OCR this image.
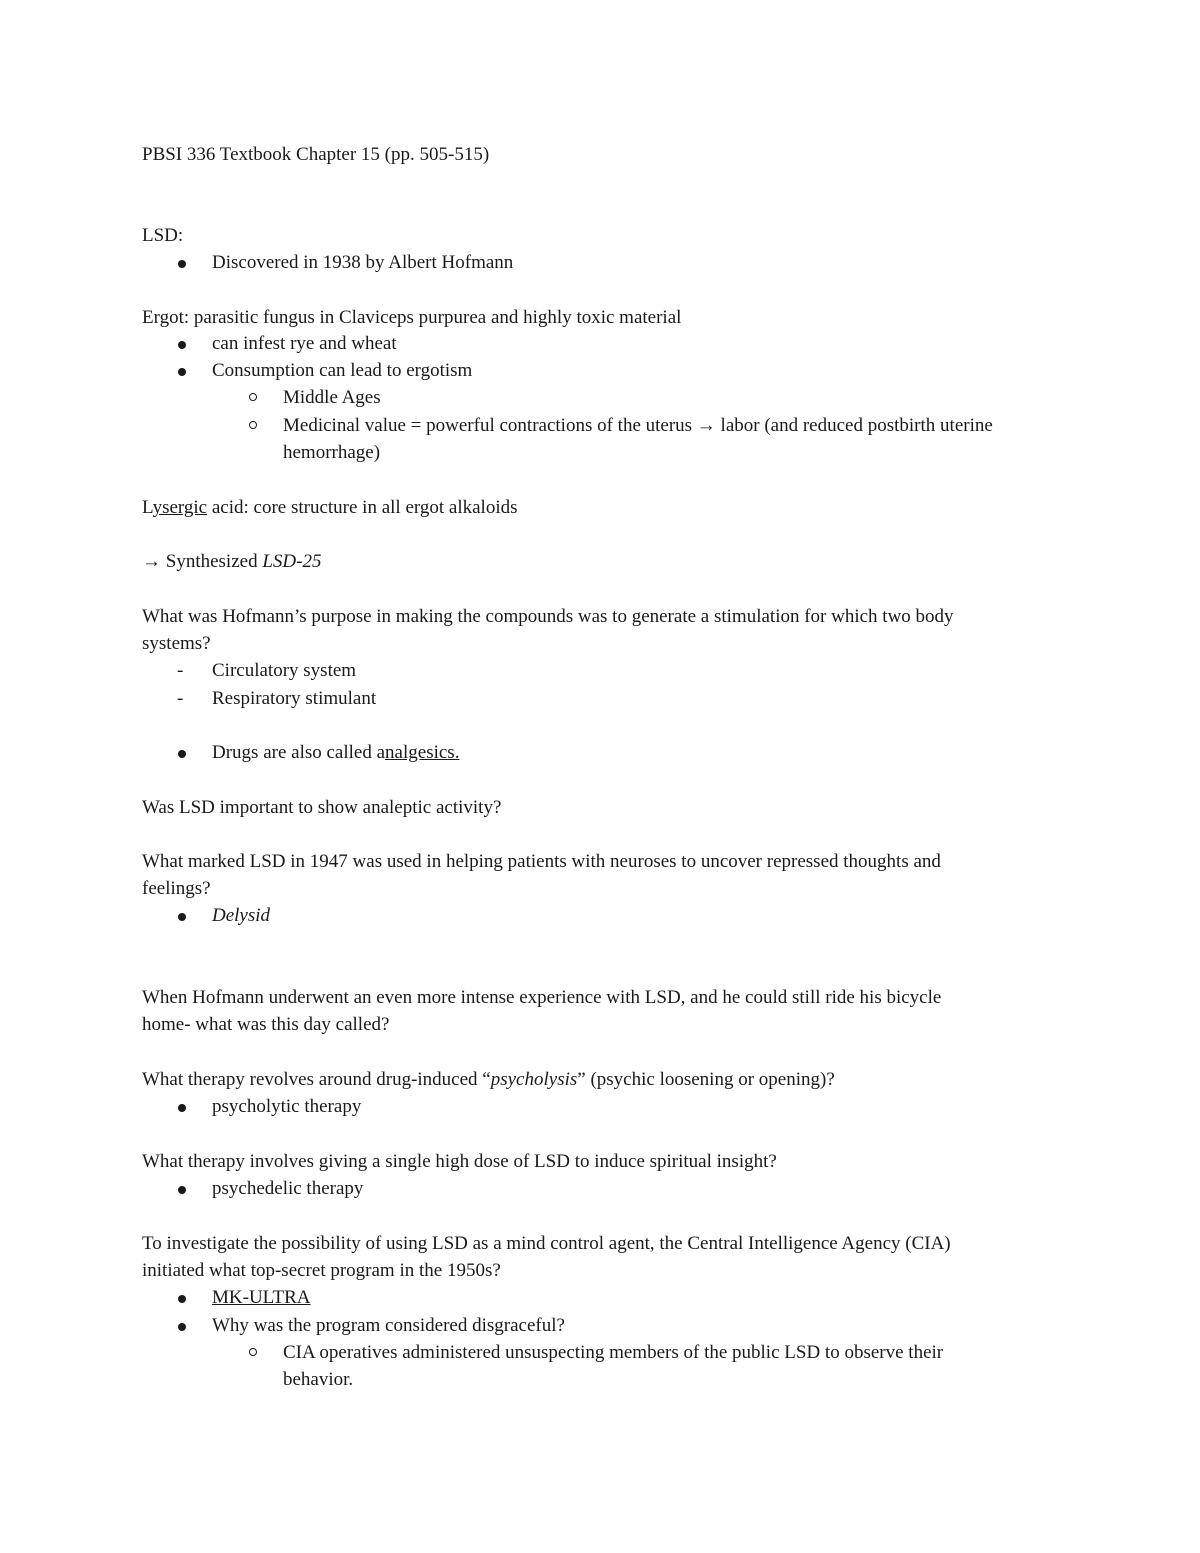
PBSI 336 Textbook Chapter 15 (pp. 505-515)
LSD:
Discovered in 1938 by Albert Hofmann
Ergot: parasitic fungus in Claviceps purpurea and highly toxic material
can infest rye and wheat
Consumption can lead to ergotism
Middle Ages
Medicinal value = powerful contractions of the uterus → labor (and reduced postbirth uterine
hemorrhage)
Lysergic acid: core structure in all ergot alkaloids
→ Synthesized LSD-25
What was Hofmann’s purpose in making the compounds was to generate a stimulation for which two body
systems?
- Circulatory system
- Respiratory stimulant
Drugs are also called analgesics.
Was LSD important to show analeptic activity?
What marked LSD in 1947 was used in helping patients with neuroses to uncover repressed thoughts and
feelings?
Delysid
When Hofmann underwent an even more intense experience with LSD, and he could still ride his bicycle
home- what was this day called?
What therapy revolves around drug-induced “psycholysis” (psychic loosening or opening)?
psycholytic therapy
What therapy involves giving a single high dose of LSD to induce spiritual insight?
psychedelic therapy
To investigate the possibility of using LSD as a mind control agent, the Central Intelligence Agency (CIA)
initiated what top-secret program in the 1950s?
MK-ULTRA
Why was the program considered disgraceful?
CIA operatives administered unsuspecting members of the public LSD to observe their
behavior.
